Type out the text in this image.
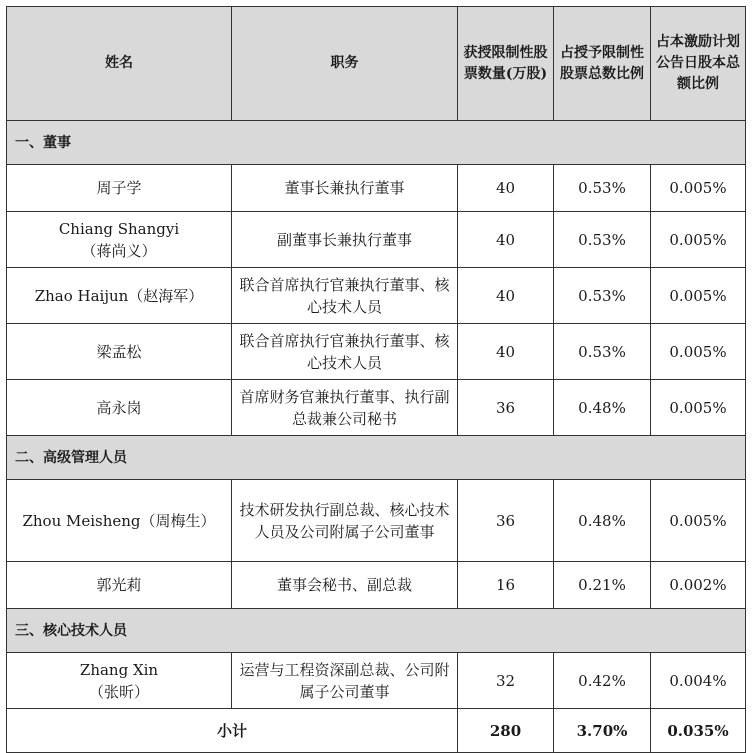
姓名	职务	获授限制性股票数量(万股)	占授予限制性股票总数比例	占本激励计划公告日股本总额比例
一、董事				
周子学	董事长兼执行董事	40	0.53%	0.005%

Chiang Shangyi
（蒋尚义）	副董事长兼执行董事	40	0.53%	0.005%
Zhao Haijun（赵海军）	联合首席执行官兼执行董事、核心技术人员	40	0.53%	0.005%
梁孟松	联合首席执行官兼执行董事、核心技术人员	40	0.53%	0.005%
高永岗	首席财务官兼执行董事、执行副总裁兼公司秘书	36	0.48%	0.005%
二、高级管理人员				
Zhou Meisheng（周梅生）	技术研发执行副总裁、核心技术人员及公司附属子公司董事	36	0.48%	0.005%
郭光莉	董事会秘书、副总裁	16	0.21%	0.002%
三、核心技术人员				

Zhang Xin
（张昕）	运营与工程资深副总裁、公司附属子公司董事	32	0.42%	0.004%
小计		280	3.70%	0.035%
